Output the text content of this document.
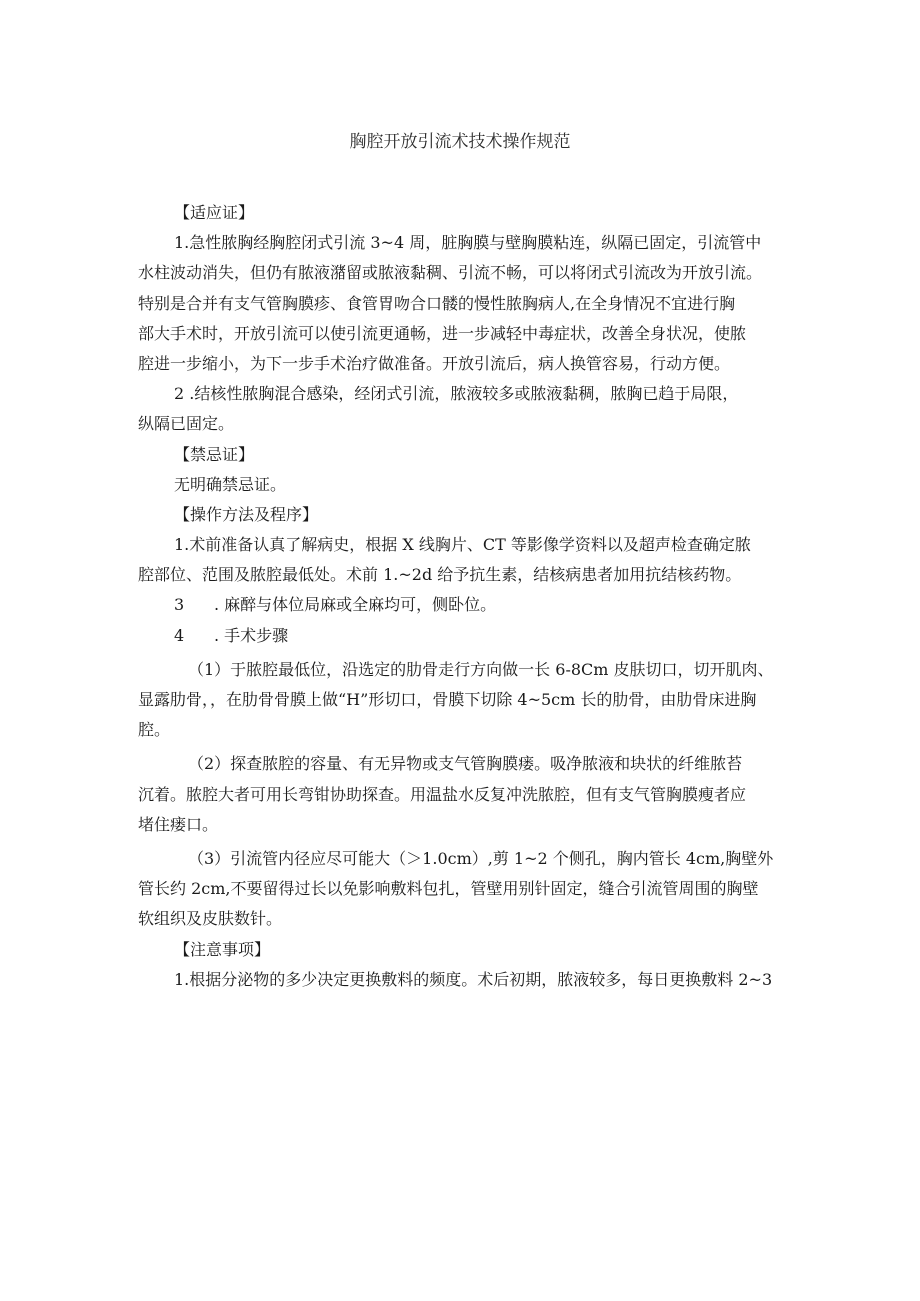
胸腔开放引流术技术操作规范
【适应证】
1.急性脓胸经胸腔闭式引流 3~4 周，脏胸膜与壁胸膜粘连，纵隔已固定，引流管中
水柱波动消失，但仍有脓液潴留或脓液黏稠、引流不畅，可以将闭式引流改为开放引流。
特别是合并有支气管胸膜疹、食管胃吻合口髅的慢性脓胸病人,在全身情况不宜进行胸
部大手术时，开放引流可以使引流更通畅，进一步减轻中毒症状，改善全身状况，使脓
腔进一步缩小，为下一步手术治疗做准备。开放引流后，病人换管容易，行动方便。
2 .结核性脓胸混合感染，经闭式引流，脓液较多或脓液黏稠，脓胸已趋于局限，
纵隔已固定。
【禁忌证】
无明确禁忌证。
【操作方法及程序】
1.术前准备认真了解病史，根据 X 线胸片、CT 等影像学资料以及超声检查确定脓
腔部位、范围及脓腔最低处。术前 1.~2d 给予抗生素，结核病患者加用抗结核药物。
3 . 麻醉与体位局麻或全麻均可，侧卧位。
4 . 手术步骤
（1）于脓腔最低位，沿选定的肋骨走行方向做一长 6-8Cm 皮肤切口，切开肌肉、
显露肋骨，，在肋骨骨膜上做“H”形切口，骨膜下切除 4~5cm 长的肋骨，由肋骨床进胸
腔。
（2）探查脓腔的容量、有无异物或支气管胸膜瘘。吸净脓液和块状的纤维脓苔
沉着。脓腔大者可用长弯钳协助探查。用温盐水反复冲洗脓腔，但有支气管胸膜瘦者应
堵住瘘口。
（3）引流管内径应尽可能大（＞1.0cm）,剪 1~2 个侧孔，胸内管长 4cm,胸壁外
管长约 2cm,不要留得过长以免影响敷料包扎，管壁用别针固定，缝合引流管周围的胸壁
软组织及皮肤数针。
【注意事项】
1.根据分泌物的多少决定更换敷料的频度。术后初期，脓液较多，每日更换敷料 2~3
